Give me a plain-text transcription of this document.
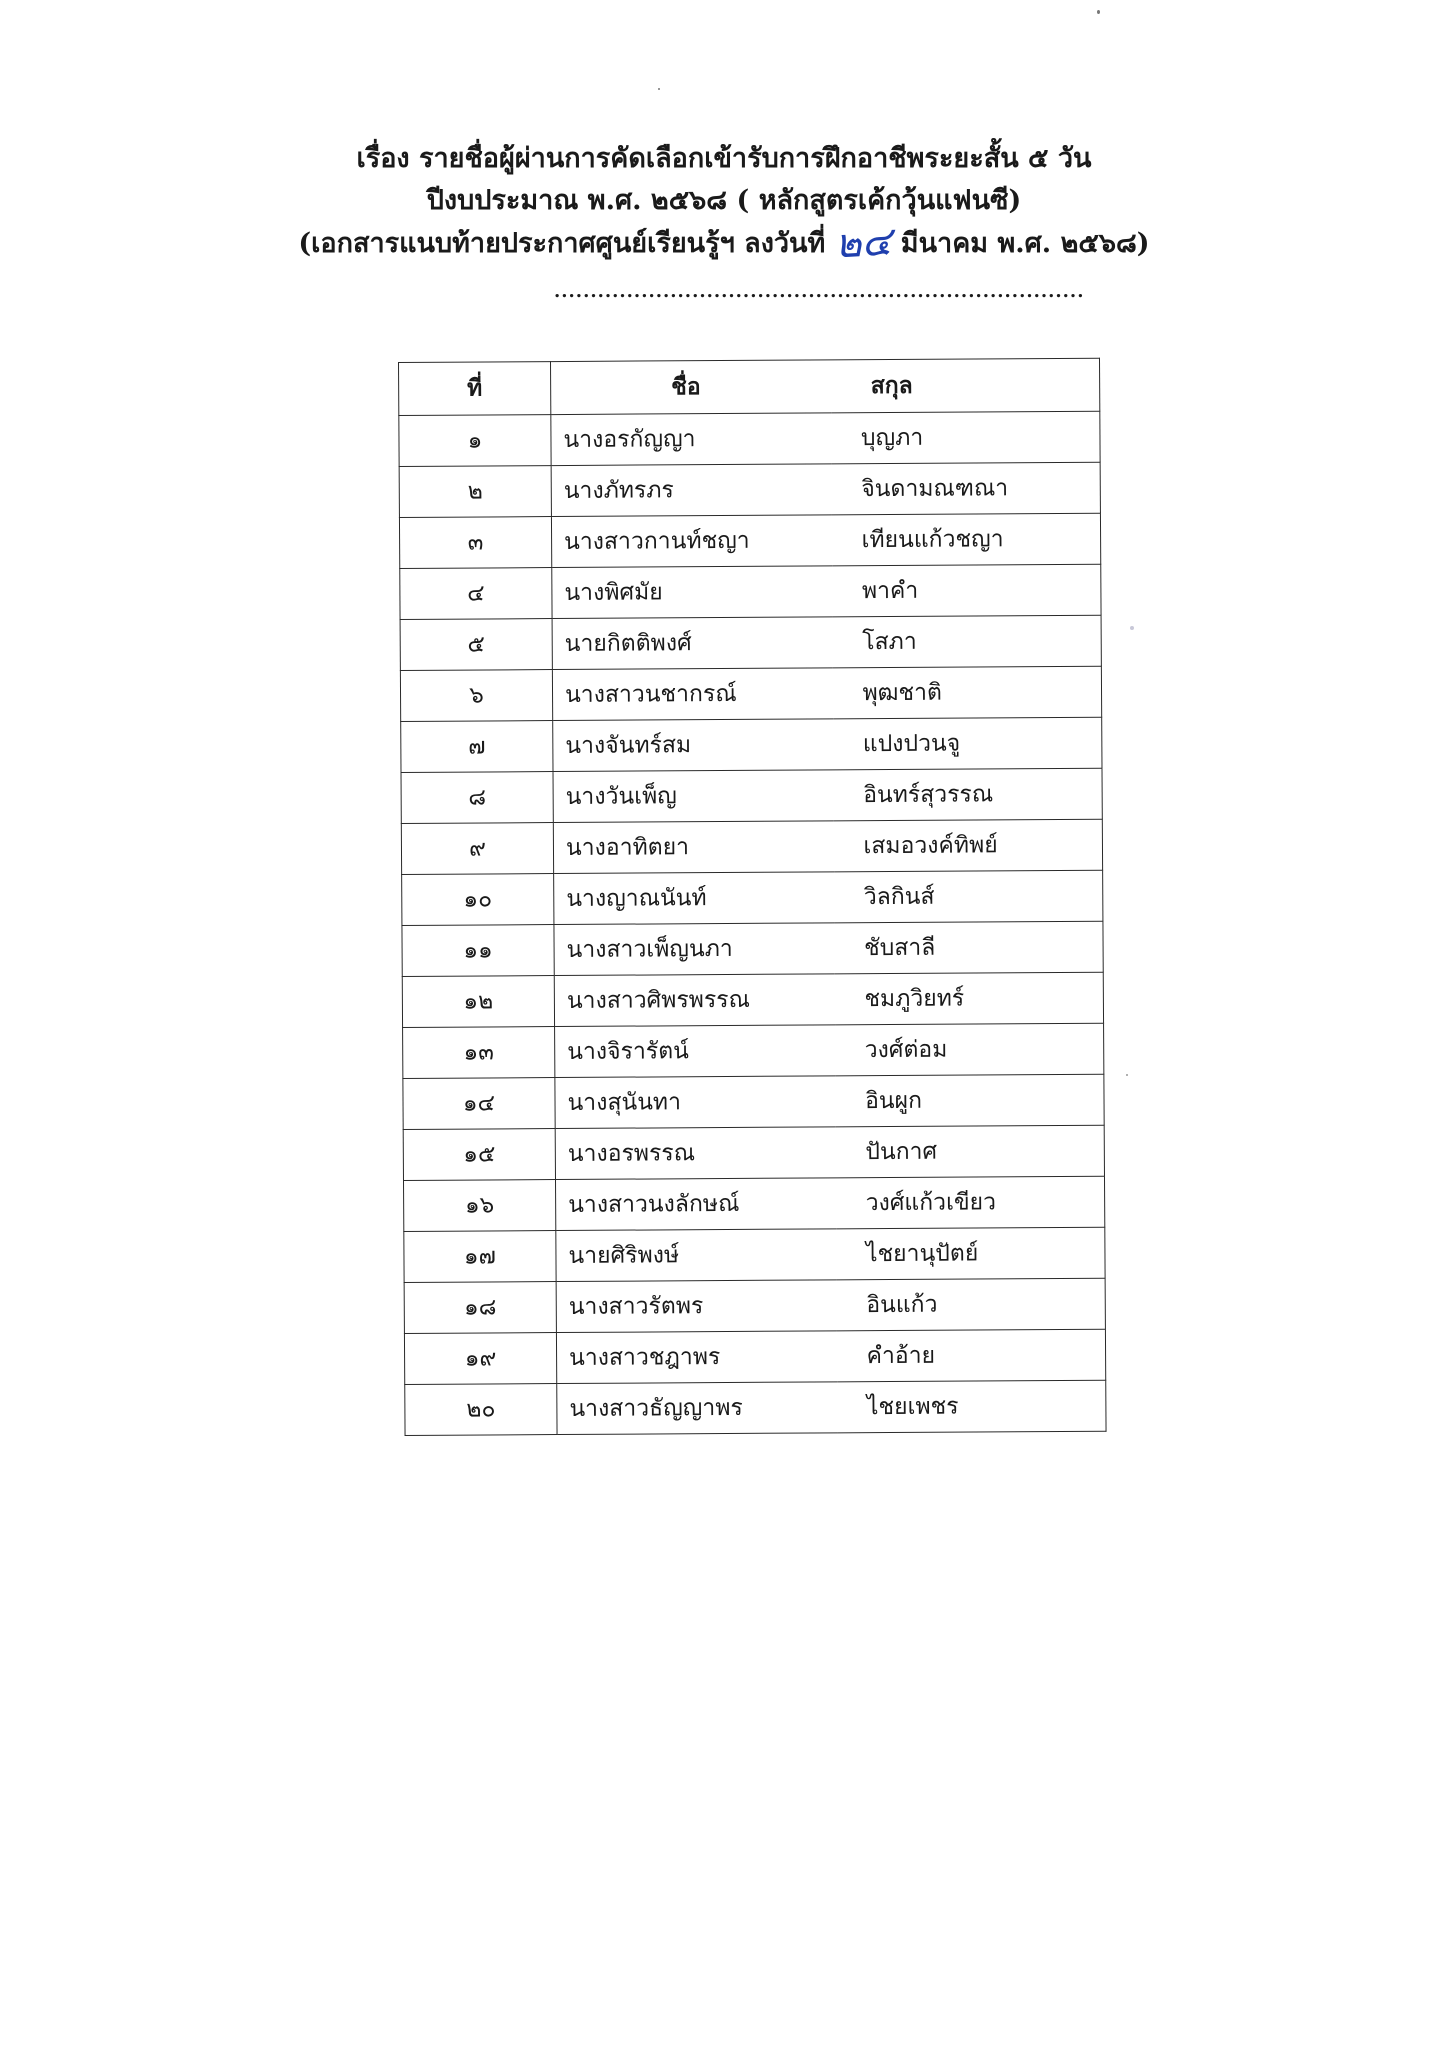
เรื่อง รายชื่อผู้ผ่านการคัดเลือกเข้ารับการฝึกอาชีพระยะสั้น ๕ วัน
ปีงบประมาณ พ.ศ. ๒๕๖๘ ( หลักสูตรเค้กวุ้นแฟนซี)
(เอกสารแนบท้ายประกาศศูนย์เรียนรู้ฯ ลงวันที่ ๒๔ มีนาคม พ.ศ. ๒๕๖๘)
.........................................................................
ที่	ชื่อ	สกุล
๑	นางอรกัญญา	บุญภา
๒	นางภัทรภร	จินดามณฑณา
๓	นางสาวกานท์ชญา	เทียนแก้วชญา
๔	นางพิศมัย	พาคำ
๕	นายกิตติพงศ์	โสภา
๖	นางสาวนชากรณ์	พุฒชาติ
๗	นางจันทร์สม	แปงปวนจู
๘	นางวันเพ็ญ	อินทร์สุวรรณ
๙	นางอาทิตยา	เสมอวงค์ทิพย์
๑๐	นางญาณนันท์	วิลกินส์
๑๑	นางสาวเพ็ญนภา	ชับสาลี
๑๒	นางสาวศิพรพรรณ	ชมภูวิยทร์
๑๓	นางจิรารัตน์	วงศ์ต่อม
๑๔	นางสุนันทา	อินผูก
๑๕	นางอรพรรณ	ปันกาศ
๑๖	นางสาวนงลักษณ์	วงศ์แก้วเขียว
๑๗	นายศิริพงษ์	ไชยานุปัตย์
๑๘	นางสาวรัตพร	อินแก้ว
๑๙	นางสาวชฎาพร	คำอ้าย
๒๐	นางสาวธัญญาพร	ไชยเพชร
